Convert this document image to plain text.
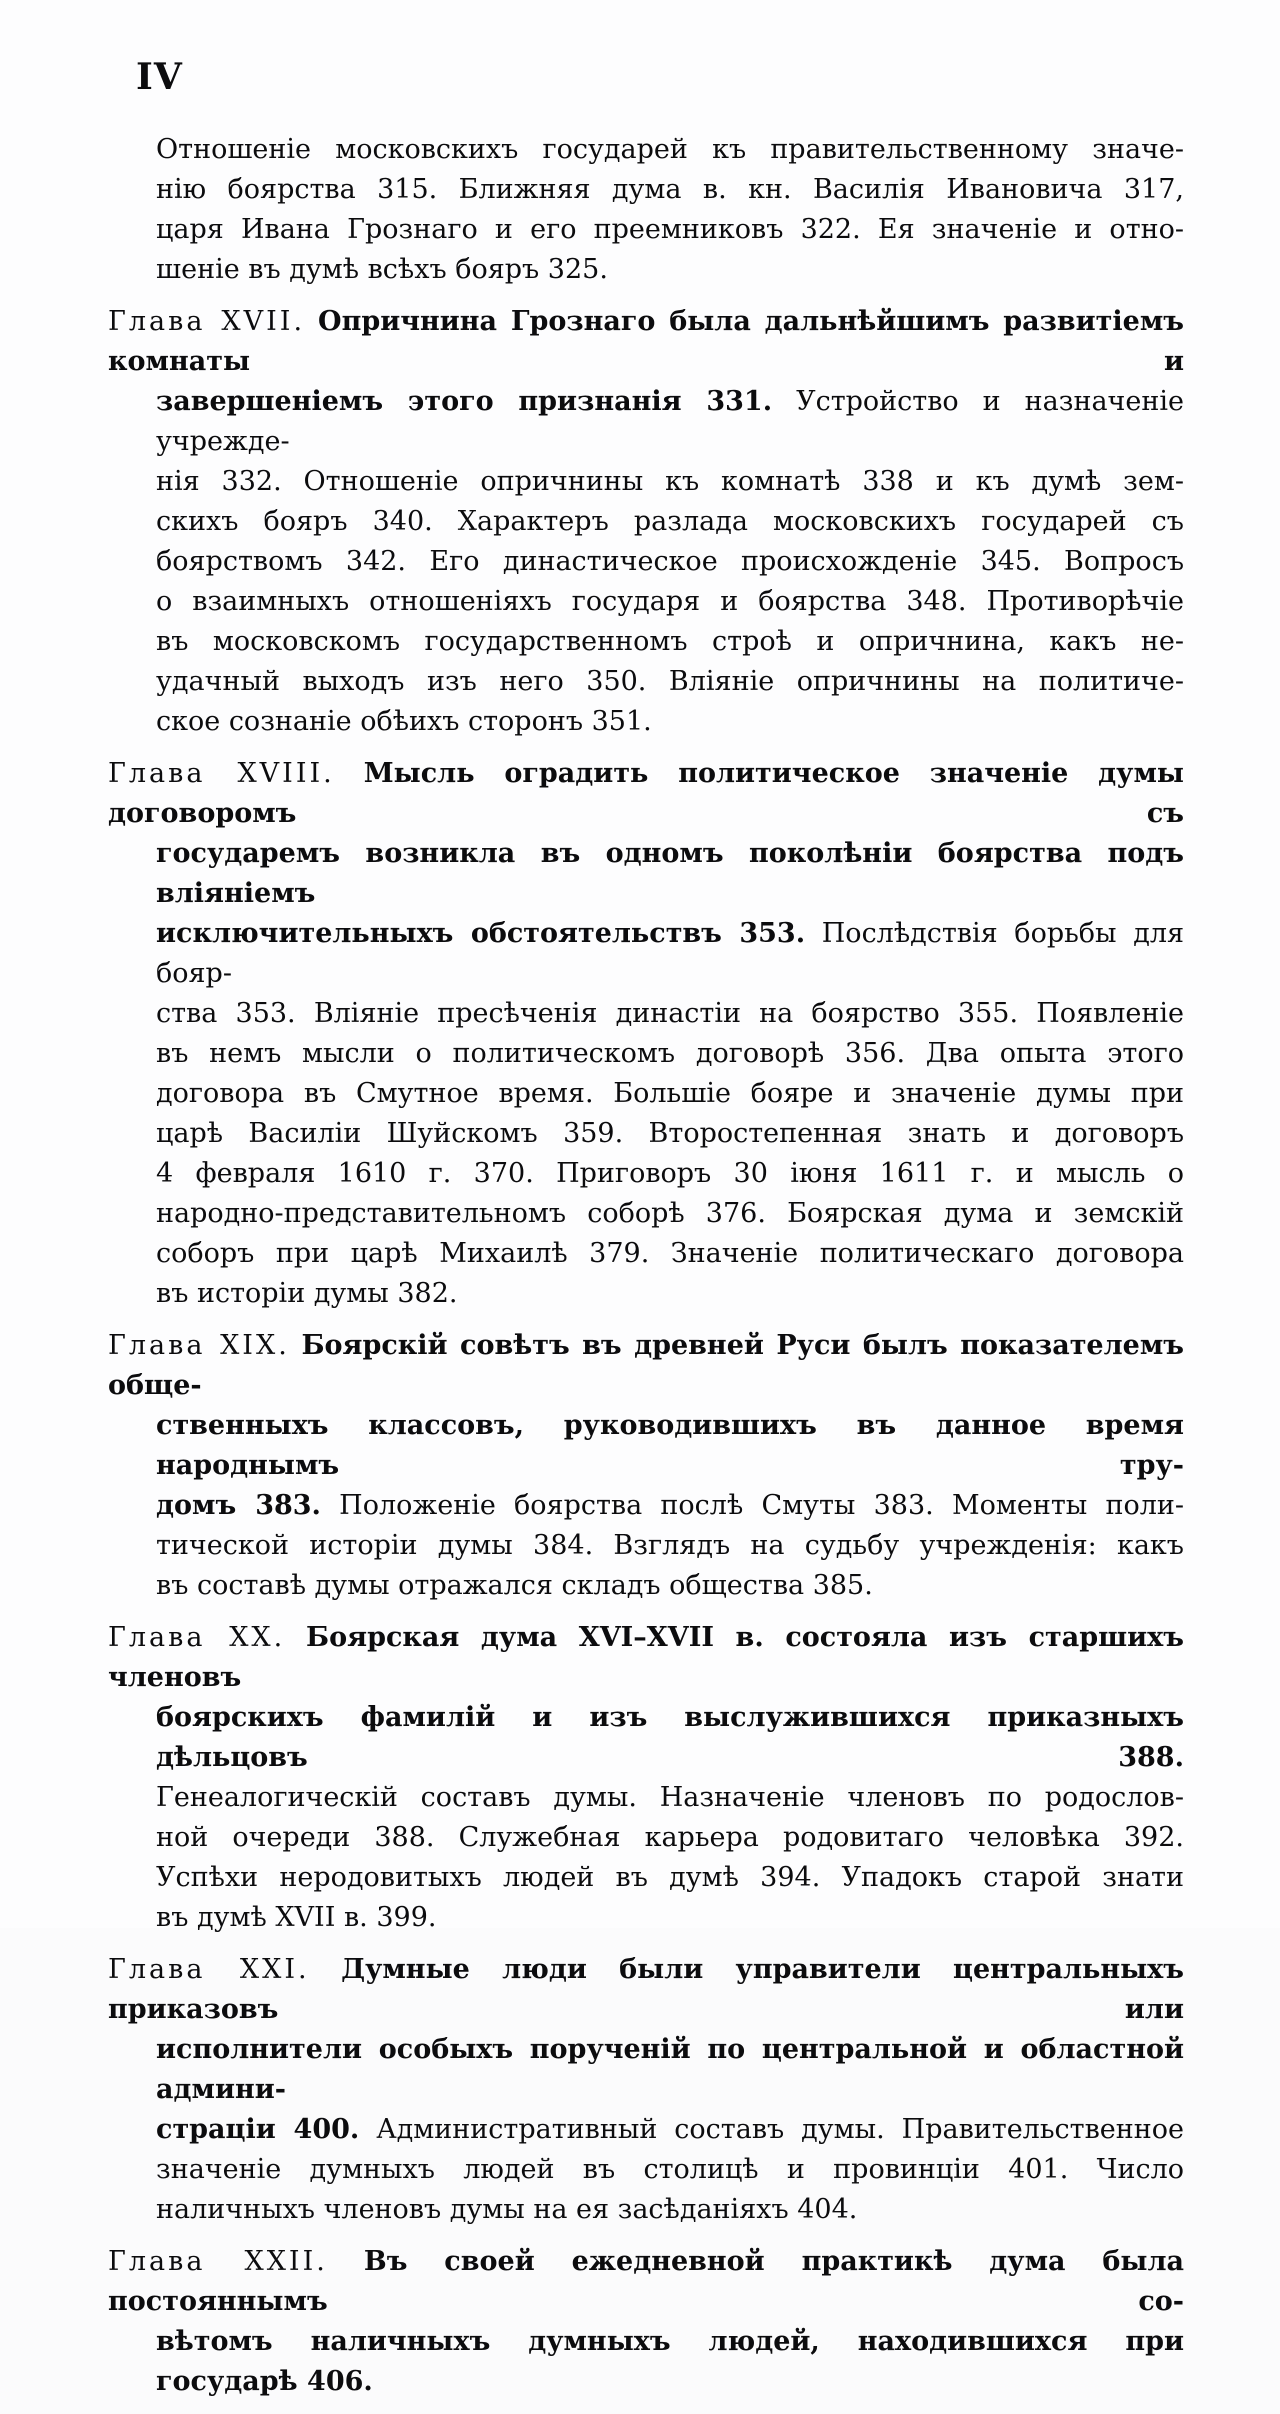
IV
Отношеніе московскихъ государей къ правительственному значе-
нію боярства 315. Ближняя дума в. кн. Василія Ивановича 317,
царя Ивана Грознаго и его преемниковъ 322. Ея значеніе и отно-
шеніе въ думѣ всѣхъ бояръ 325.
Глава XVII. Опричнина Грознаго была дальнѣйшимъ развитіемъ комнаты и
завершеніемъ этого признанія 331. Устройство и назначеніе учрежде-
нія 332. Отношеніе опричнины къ комнатѣ 338 и къ думѣ зем-
скихъ бояръ 340. Характеръ разлада московскихъ государей съ
боярствомъ 342. Его династическое происхожденіе 345. Вопросъ
о взаимныхъ отношеніяхъ государя и боярства 348. Противорѣчіе
въ московскомъ государственномъ строѣ и опричнина, какъ не-
удачный выходъ изъ него 350. Вліяніе опричнины на политиче-
ское сознаніе обѣихъ сторонъ 351.
Глава XVIII. Мысль оградить политическое значеніе думы договоромъ съ
государемъ возникла въ одномъ поколѣніи боярства подъ вліяніемъ
исключительныхъ обстоятельствъ 353. Послѣдствія борьбы для бояр-
ства 353. Вліяніе пресѣченія династіи на боярство 355. Появленіе
въ немъ мысли о политическомъ договорѣ 356. Два опыта этого
договора въ Смутное время. Большіе бояре и значеніе думы при
царѣ Василіи Шуйскомъ 359. Второстепенная знать и договоръ
4 февраля 1610 г. 370. Приговоръ 30 іюня 1611 г. и мысль о
народно-представительномъ соборѣ 376. Боярская дума и земскій
соборъ при царѣ Михаилѣ 379. Значеніе политическаго договора
въ исторіи думы 382.
Глава XIX. Боярскій совѣтъ въ древней Руси былъ показателемъ обще-
ственныхъ классовъ, руководившихъ въ данное время народнымъ тру-
домъ 383. Положеніе боярства послѣ Смуты 383. Моменты поли-
тической исторіи думы 384. Взглядъ на судьбу учрежденія: какъ
въ составѣ думы отражался складъ общества 385.
Глава XX. Боярская дума XVI–XVII в. состояла изъ старшихъ членовъ
боярскихъ фамилій и изъ выслужившихся приказныхъ дѣльцовъ 388.
Генеалогическій составъ думы. Назначеніе членовъ по родослов-
ной очереди 388. Служебная карьера родовитаго человѣка 392.
Успѣхи неродовитыхъ людей въ думѣ 394. Упадокъ старой знати
въ думѣ XVII в. 399.
Глава XXI. Думные люди были управители центральныхъ приказовъ или
исполнители особыхъ порученій по центральной и областной админи-
страціи 400. Административный составъ думы. Правительственное
значеніе думныхъ людей въ столицѣ и провинціи 401. Число
наличныхъ членовъ думы на ея засѣданіяхъ 404.
Глава XXII. Въ своей ежедневной практикѣ дума была постояннымъ со-
вѣтомъ наличныхъ думныхъ людей, находившихся при государѣ 406.
